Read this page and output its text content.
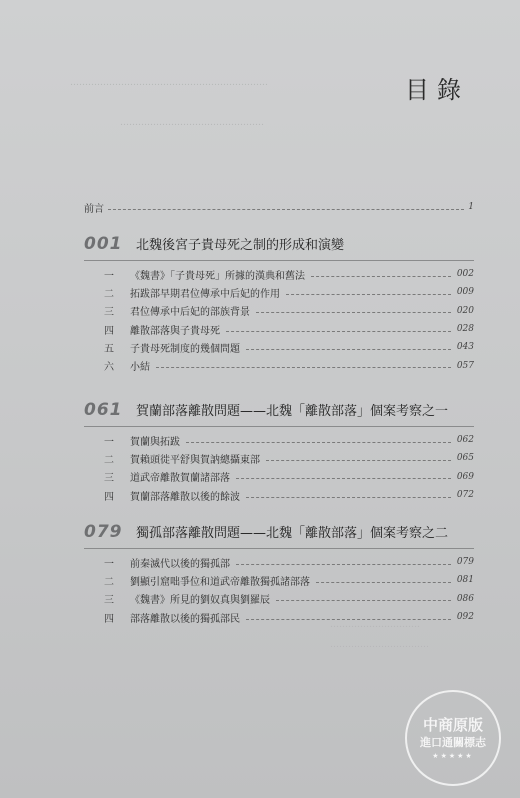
…………………………………………………………
…………………………………………
目錄
前言	1
001	北魏後宮子貴母死之制的形成和演變
一	《魏書》「子貴母死」所據的漢典和舊法	002
二	拓跋部早期君位傳承中后妃的作用	009
三	君位傳承中后妃的部族背景	020
四	離散部落與子貴母死	028
五	子貴母死制度的幾個問題	043
六	小結	057
061	賀蘭部落離散問題——北魏「離散部落」個案考察之一
一	賀蘭與拓跋	062
二	賀賴頭徙平舒與賀訥總攝東部	065
三	道武帝離散賀蘭諸部落	069
四	賀蘭部落離散以後的餘波	072
079	獨孤部落離散問題——北魏「離散部落」個案考察之二
一	前秦滅代以後的獨孤部	079
二	劉顯引窟咄爭位和道武帝離散獨孤諸部落	081
三	《魏書》所見的劉奴真與劉羅辰	086
四	部落離散以後的獨孤部民	092
…………………………
……………………………
中商原版
進口通關標志
★★★★★
